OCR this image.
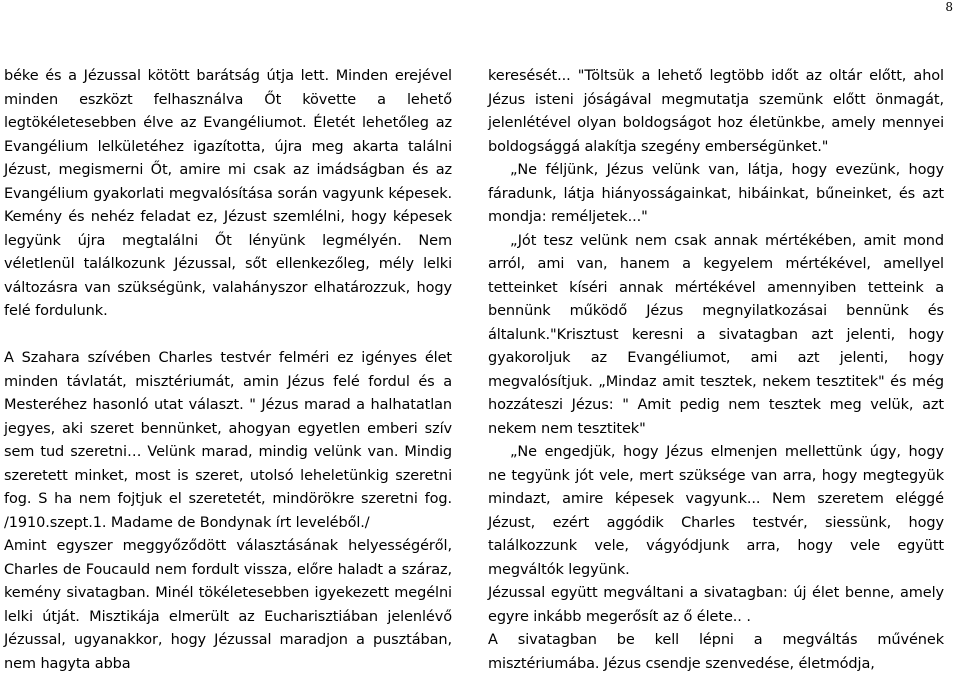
8

béke és a Jézussal kötött barátság útja lett. Minden erejével minden eszközt felhasználva Őt követte a lehető legtökéletesebben élve az Evangéliumot. Életét lehetőleg az Evangélium lelkületéhez igazította, újra meg akarta találni Jézust, megismerni Őt, amire mi csak az imádságban és az Evangélium gyakorlati megvalósítása során vagyunk képesek. Kemény és nehéz feladat ez, Jézust szemlélni, hogy képesek legyünk újra megtalálni Őt lényünk legmélyén. Nem véletlenül találkozunk Jézussal, sőt ellenkezőleg, mély lelki változásra van szükségünk, valahányszor elhatározzuk, hogy felé fordulunk.

A Szahara szívében Charles testvér felméri ez igényes élet minden távlatát, misztériumát, amin Jézus felé fordul és a Mesteréhez hasonló utat választ. " Jézus marad a halhatatlan jegyes, aki szeret bennünket, ahogyan egyetlen emberi szív sem tud szeretni… Velünk marad, mindig velünk van. Mindig szeretett minket, most is szeret, utolsó leheletünkig szeretni fog. S ha nem fojtjuk el szeretetét, mindörökre szeretni fog. /1910.szept.1. Madame de Bondynak írt leveléből./

Amint egyszer meggyőződött választásának helyességéről, Charles de Foucauld nem fordult vissza, előre haladt a száraz, kemény sivatagban. Minél tökéletesebben igyekezett megélni lelki útját. Misztikája elmerült az Eucharisztiában jelenlévő Jézussal, ugyanakkor, hogy Jézussal maradjon a pusztában, nem hagyta abba

keresését... "Töltsük a lehető legtöbb időt az oltár előtt, ahol Jézus isteni jóságával megmutatja szemünk előtt önmagát, jelenlétével olyan boldogságot hoz életünkbe, amely mennyei boldogsággá alakítja szegény emberségünket."

„Ne féljünk, Jézus velünk van, látja, hogy evezünk, hogy fáradunk, látja hiányosságainkat, hibáinkat, bűneinket, és azt mondja: reméljetek..."

„Jót tesz velünk nem csak annak mértékében, amit mond arról, ami van, hanem a kegyelem mértékével, amellyel tetteinket kíséri annak mértékével amennyiben tetteink a bennünk működő Jézus megnyilatkozásai bennünk és általunk."Krisztust keresni a sivatagban azt jelenti, hogy gyakoroljuk az Evangéliumot, ami azt jelenti, hogy megvalósítjuk. „Mindaz amit tesztek, nekem tesztitek" és még hozzáteszi Jézus: " Amit pedig nem tesztek meg velük, azt nekem nem tesztitek"

„Ne engedjük, hogy Jézus elmenjen mellettünk úgy, hogy ne tegyünk jót vele, mert szüksége van arra, hogy megtegyük mindazt, amire képesek vagyunk... Nem szeretem eléggé Jézust, ezért aggódik Charles testvér, siessünk, hogy találkozzunk vele, vágyódjunk arra, hogy vele együtt megváltók legyünk.

Jézussal együtt megváltani a sivatagban: új élet benne, amely egyre inkább megerősít az ő élete.. .

A sivatagban be kell lépni a megváltás művének misztériumába. Jézus csendje szenvedése, életmódja,
